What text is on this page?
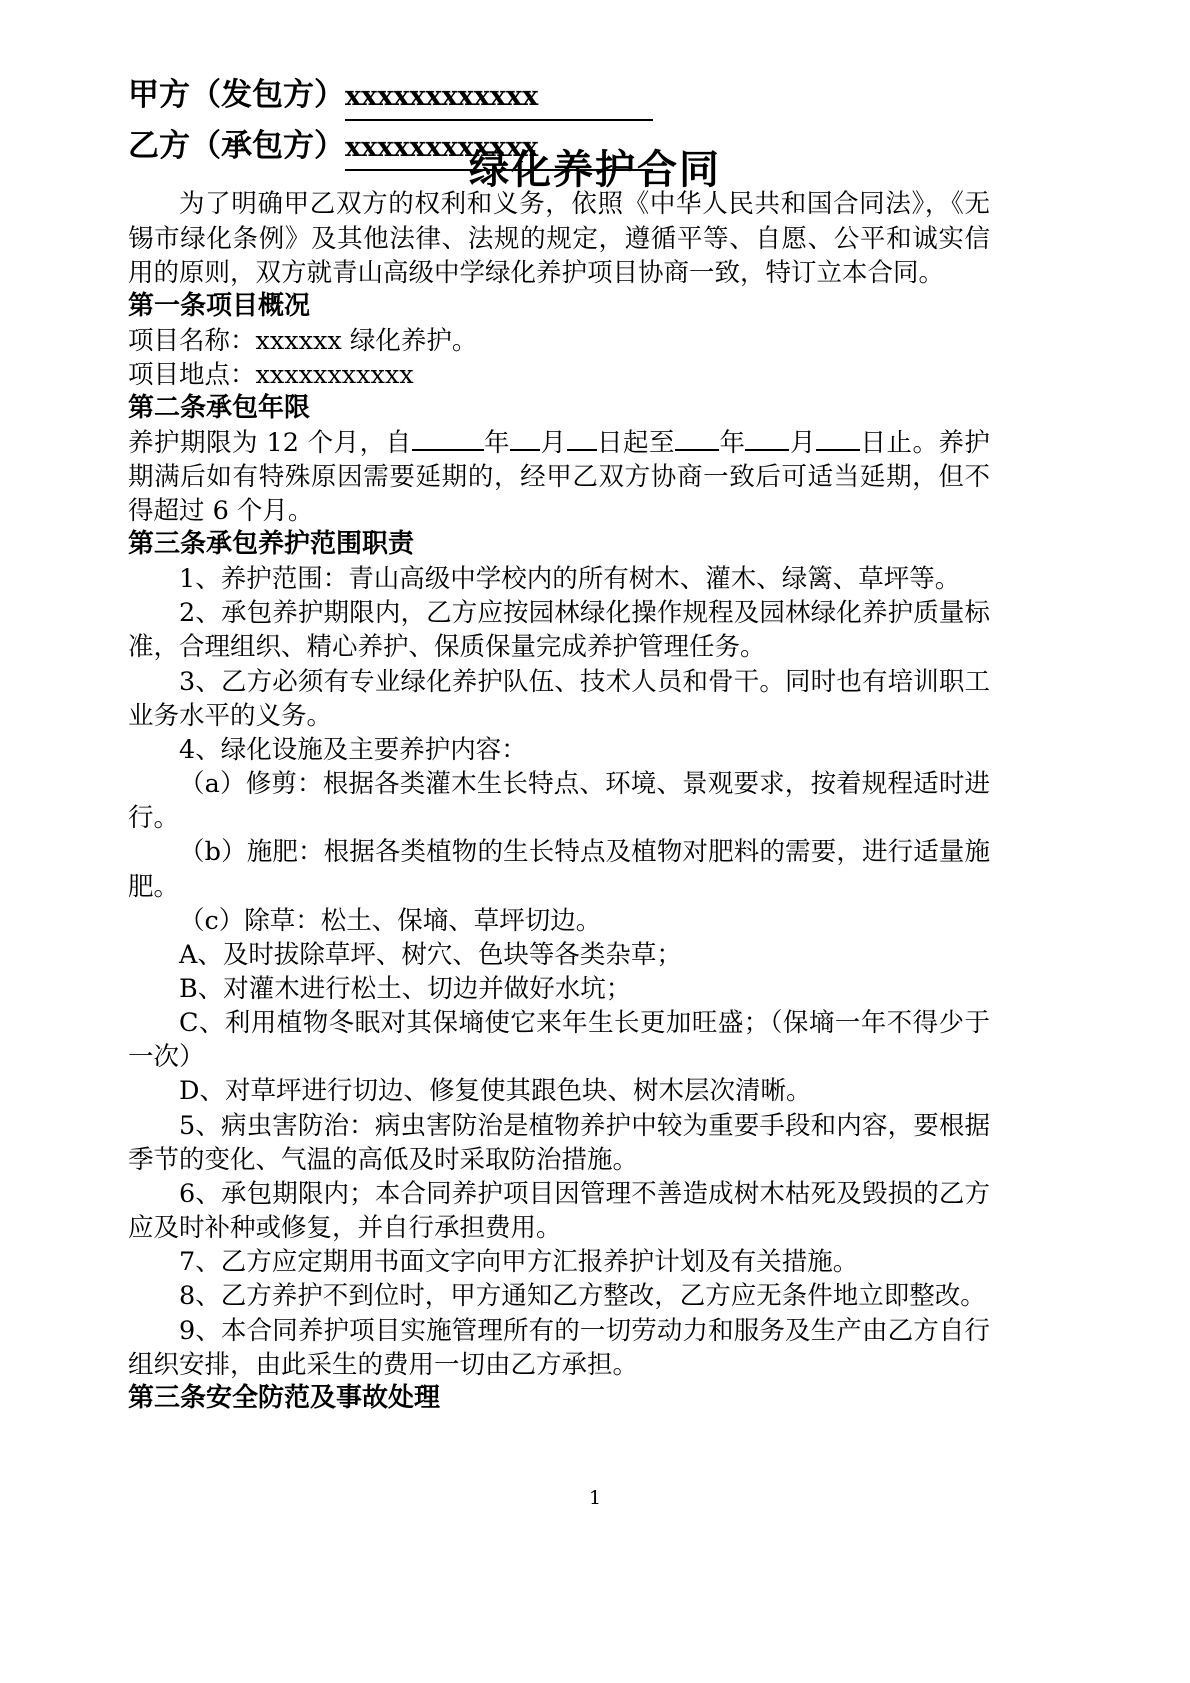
绿化养护合同

甲方（发包方）xxxxxxxxxxxx

乙方（承包方）xxxxxxxxxxxx

为了明确甲乙双方的权利和义务，依照《中华人民共和国合同法》，《无锡市绿化条例》及其他法律、法规的规定，遵循平等、自愿、公平和诚实信用的原则，双方就青山高级中学绿化养护项目协商一致，特订立本合同。

第一条项目概况

项目名称：xxxxxx 绿化养护。

项目地点：xxxxxxxxxxx

第二条承包年限

养护期限为 12 个月，自	年 月 日起至 年 月 日止。养护期满后如有特殊原因需要延期的，经甲乙双方协商一致后可适当延期，但不得超过 6 个月。

第三条承包养护范围职责

1、养护范围：青山高级中学校内的所有树木、灌木、绿篱、草坪等。

2、承包养护期限内，乙方应按园林绿化操作规程及园林绿化养护质量标准，合理组织、精心养护、保质保量完成养护管理任务。

3、乙方必须有专业绿化养护队伍、技术人员和骨干。同时也有培训职工业务水平的义务。

4、绿化设施及主要养护内容：

（a）修剪：根据各类灌木生长特点、环境、景观要求，按着规程适时进行。

（b）施肥：根据各类植物的生长特点及植物对肥料的需要，进行适量施肥。

（c）除草：松土、保墒、草坪切边。

A、及时拔除草坪、树穴、色块等各类杂草；

B、对灌木进行松土、切边并做好水坑；

C、利用植物冬眠对其保墒使它来年生长更加旺盛；（保墒一年不得少于一次）

D、对草坪进行切边、修复使其跟色块、树木层次清晰。

5、病虫害防治：病虫害防治是植物养护中较为重要手段和内容，要根据季节的变化、气温的高低及时采取防治措施。

6、承包期限内；本合同养护项目因管理不善造成树木枯死及毁损的乙方应及时补种或修复，并自行承担费用。

7、乙方应定期用书面文字向甲方汇报养护计划及有关措施。

8、乙方养护不到位时，甲方通知乙方整改，乙方应无条件地立即整改。

9、本合同养护项目实施管理所有的一切劳动力和服务及生产由乙方自行组织安排，由此采生的费用一切由乙方承担。

第三条安全防范及事故处理

1
